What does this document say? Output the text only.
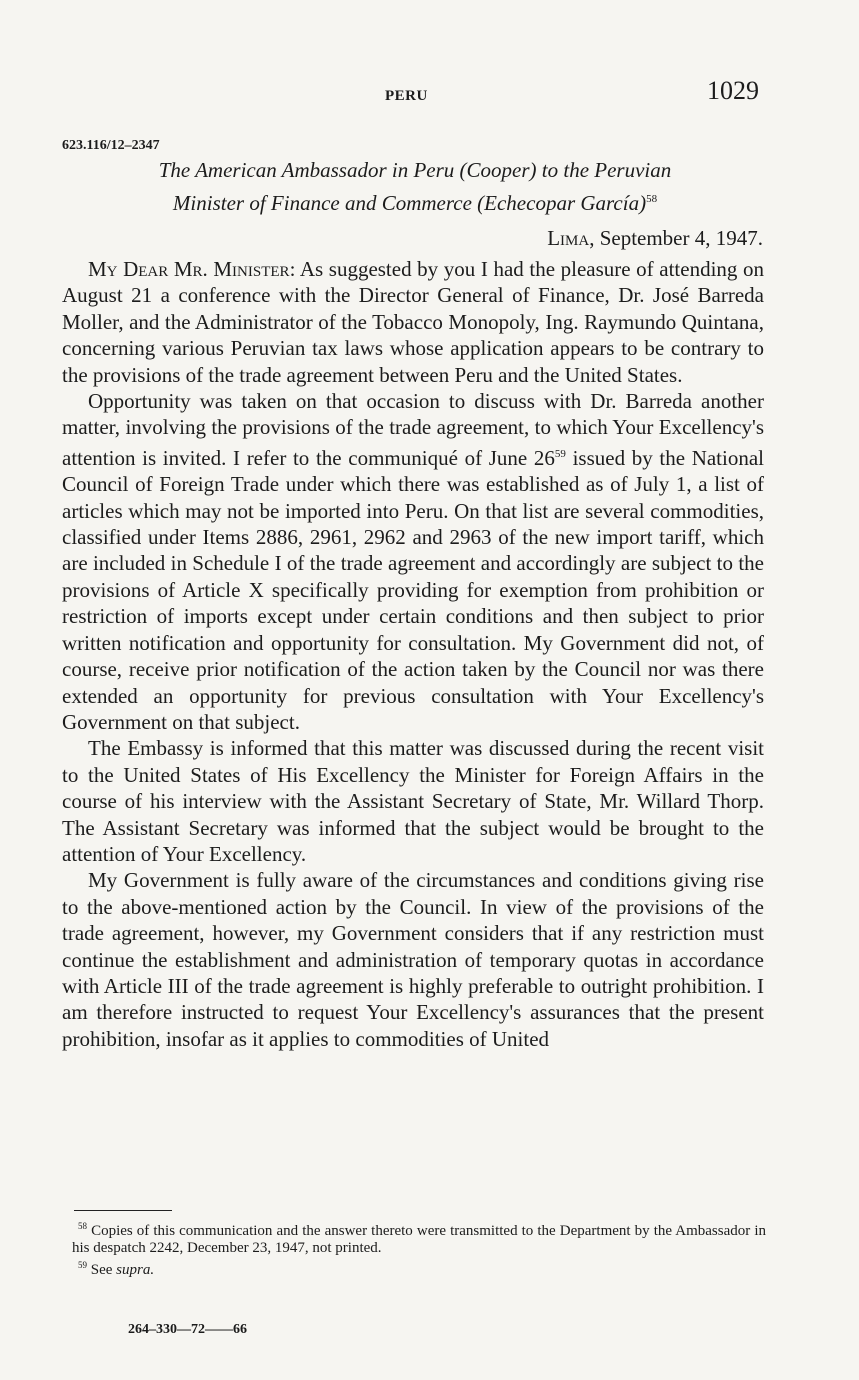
PERU	1029
623.116/12–2347
The American Ambassador in Peru (Cooper) to the Peruvian
Minister of Finance and Commerce (Echecopar García)$^{58}$
Lima, September 4, 1947.

My Dear Mr. Minister: As suggested by you I had the pleasure of attending on August 21 a conference with the Director General of Finance, Dr. José Barreda Moller, and the Administrator of the Tobacco Monopoly, Ing. Raymundo Quintana, concerning various Peruvian tax laws whose application appears to be contrary to the provisions of the trade agreement between Peru and the United States.

Opportunity was taken on that occasion to discuss with Dr. Barreda another matter, involving the provisions of the trade agreement, to which Your Excellency's attention is invited. I refer to the communiqué of June $26^{59}$ issued by the National Council of Foreign Trade under which there was established as of July 1, a list of articles which may not be imported into Peru. On that list are several commodities, classified under Items 2886, 2961, 2962 and 2963 of the new import tariff, which are included in Schedule I of the trade agreement and accordingly are subject to the provisions of Article X specifically providing for exemption from prohibition or restriction of imports except under certain conditions and then subject to prior written notification and opportunity for consultation. My Government did not, of course, receive prior notification of the action taken by the Council nor was there extended an opportunity for previous consultation with Your Excellency's Government on that subject.

The Embassy is informed that this matter was discussed during the recent visit to the United States of His Excellency the Minister for Foreign Affairs in the course of his interview with the Assistant Secretary of State, Mr. Willard Thorp. The Assistant Secretary was informed that the subject would be brought to the attention of Your Excellency.

My Government is fully aware of the circumstances and conditions giving rise to the above-mentioned action by the Council. In view of the provisions of the trade agreement, however, my Government considers that if any restriction must continue the establishment and administration of temporary quotas in accordance with Article III of the trade agreement is highly preferable to outright prohibition. I am therefore instructed to request Your Excellency's assurances that the present prohibition, insofar as it applies to commodities of United

$^{58}$ Copies of this communication and the answer thereto were transmitted to the Department by the Ambassador in his despatch 2242, December 23, 1947, not printed.

$^{59}$ See supra.

264–330—72——66
